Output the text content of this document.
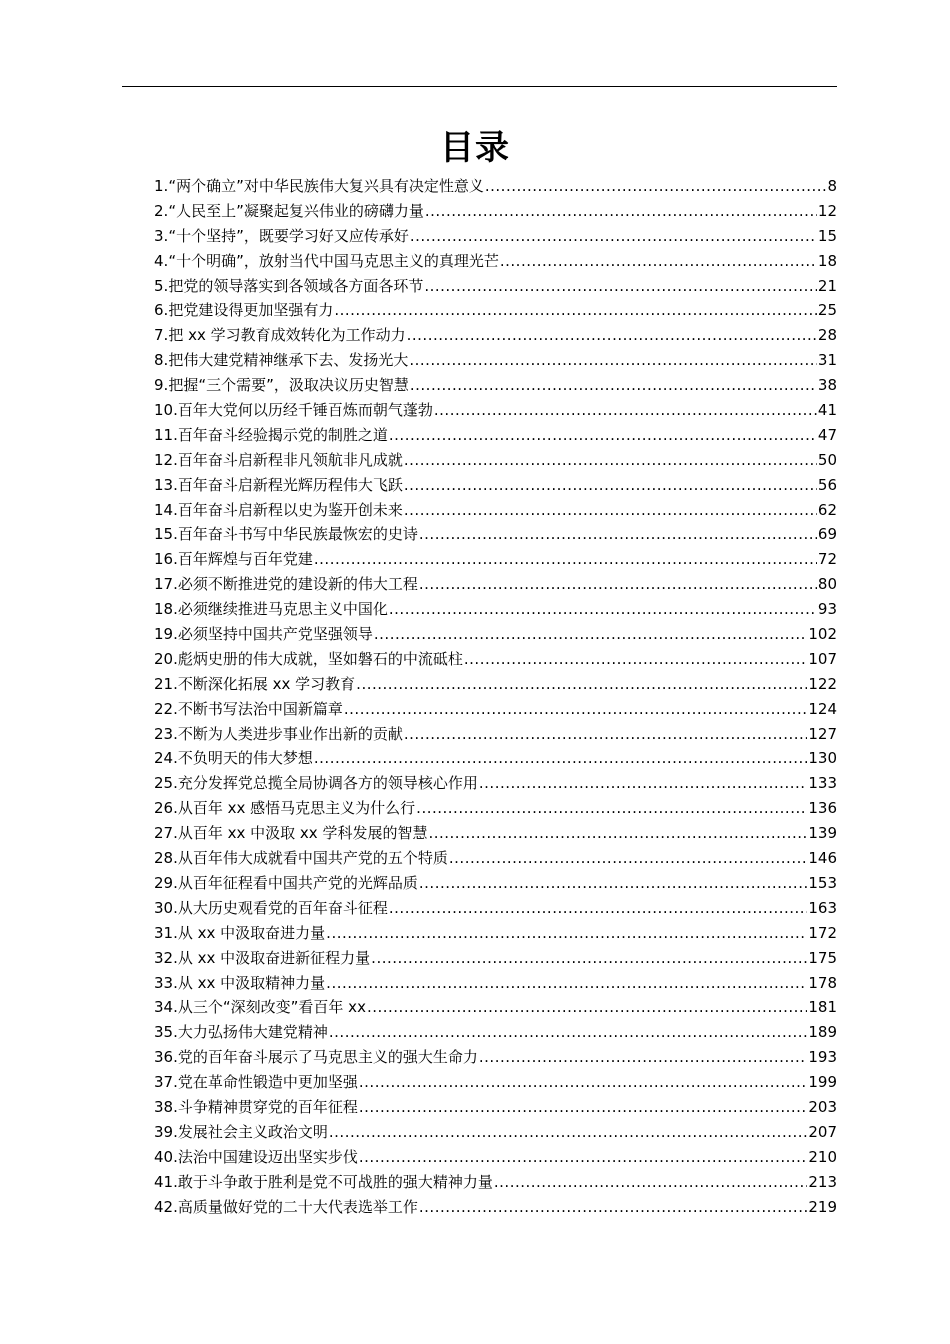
目录
1 . “两个确立”对中华民族伟大复兴具有决定性意义 .....	8
2 . “人民至上”凝聚起复兴伟业的磅礴力量 .....	12
3 . “十个坚持”，既要学习好又应传承好 .....	15
4 . “十个明确”，放射当代中国马克思主义的真理光芒 .....	18
5 . 把党的领导落实到各领域各方面各环节 .....	21
6 . 把党建设得更加坚强有力 .....	25
7 . 把 xx 学习教育成效转化为工作动力 .....	28
8 . 把伟大建党精神继承下去、发扬光大 .....	31
9 . 把握“三个需要”，汲取决议历史智慧 .....	38
10 . 百年大党何以历经千锤百炼而朝气蓬勃 .....	41
11 . 百年奋斗经验揭示党的制胜之道 .....	47
12 . 百年奋斗启新程非凡领航非凡成就 .....	50
13 . 百年奋斗启新程光辉历程伟大飞跃 .....	56
14 . 百年奋斗启新程以史为鉴开创未来 .....	62
15 . 百年奋斗书写中华民族最恢宏的史诗 .....	69
16 . 百年辉煌与百年党建 .....	72
17 . 必须不断推进党的建设新的伟大工程 .....	80
18 . 必须继续推进马克思主义中国化 .....	93
19 . 必须坚持中国共产党坚强领导 .....	102
20 . 彪炳史册的伟大成就，坚如磐石的中流砥柱 .....	107
21 . 不断深化拓展 xx 学习教育 .....	122
22 . 不断书写法治中国新篇章 .....	124
23 . 不断为人类进步事业作出新的贡献 .....	127
24 . 不负明天的伟大梦想 .....	130
25 . 充分发挥党总揽全局协调各方的领导核心作用 .....	133
26 . 从百年 xx 感悟马克思主义为什么行 .....	136
27 . 从百年 xx 中汲取 xx 学科发展的智慧 .....	139
28 . 从百年伟大成就看中国共产党的五个特质 .....	146
29 . 从百年征程看中国共产党的光辉品质 .....	153
30 . 从大历史观看党的百年奋斗征程 .....	163
31 . 从 xx 中汲取奋进力量 .....	172
32 . 从 xx 中汲取奋进新征程力量 .....	175
33 . 从 xx 中汲取精神力量 .....	178
34 . 从三个“深刻改变”看百年 xx .....	181
35 . 大力弘扬伟大建党精神 .....	189
36 . 党的百年奋斗展示了马克思主义的强大生命力 .....	193
37 . 党在革命性锻造中更加坚强 .....	199
38 . 斗争精神贯穿党的百年征程 .....	203
39 . 发展社会主义政治文明 .....	207
40 . 法治中国建设迈出坚实步伐 .....	210
41 . 敢于斗争敢于胜利是党不可战胜的强大精神力量 .....	213
42 . 高质量做好党的二十大代表选举工作 .....	219
